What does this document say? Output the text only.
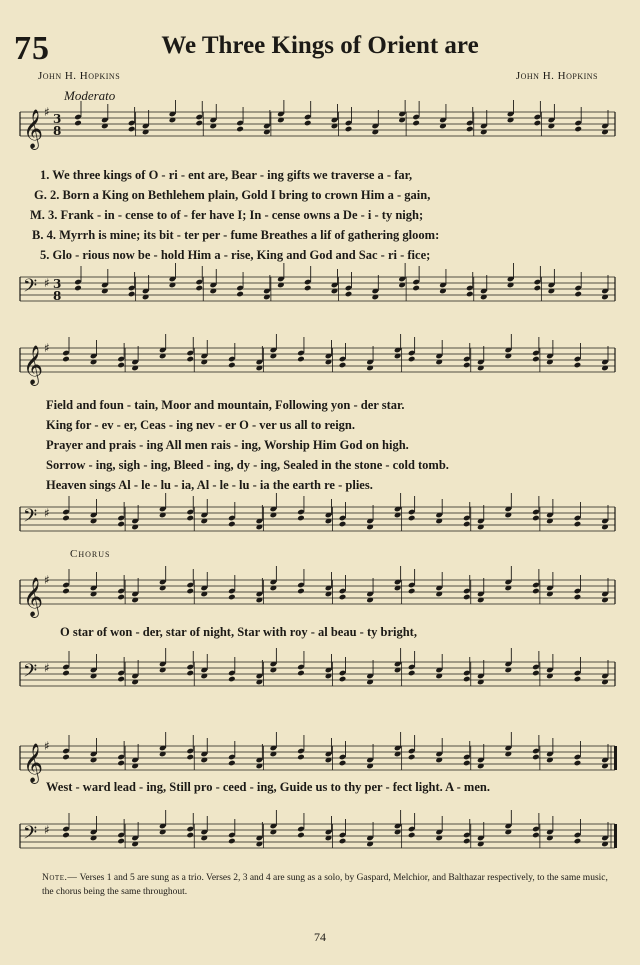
75	We Three Kings of Orient are
John H. Hopkins	John H. Hopkins
Moderato
Chorus
𝄞 ♯ 3
8
𝄢 ♯ 3
8
𝄞 ♯
𝄢 ♯
𝄞 ♯
𝄢 ♯
𝄞 ♯
𝄢 ♯
1. We three kings of O - ri - ent are, Bear - ing gifts we traverse a - far,
G. 2. Born a King on Bethlehem plain, Gold I bring to crown Him a - gain,
M. 3. Frank - in - cense to of - fer have I; In - cense owns a De - i - ty nigh;
B. 4. Myrrh is mine; its bit - ter per - fume Breathes a lif of gathering gloom:
5. Glo - rious now be - hold Him a - rise, King and God and Sac - ri - fice;
Field and foun - tain, Moor and mountain, Following yon - der star.
King for - ev - er, Ceas - ing nev - er O - ver us all to reign.
Prayer and prais - ing All men rais - ing, Worship Him God on high.
Sorrow - ing, sigh - ing, Bleed - ing, dy - ing, Sealed in the stone - cold tomb.
Heaven sings Al - le - lu - ia, Al - le - lu - ia the earth re - plies.
O star of won - der, star of night, Star with roy - al beau - ty bright,
West - ward lead - ing, Still pro - ceed - ing, Guide us to thy per - fect light. A - men.
Note.— Verses 1 and 5 are sung as a trio. Verses 2, 3 and 4 are sung as a solo, by Gaspard, Melchior, and Balthazar respectively, to the same music, the chorus being the same throughout.
74
